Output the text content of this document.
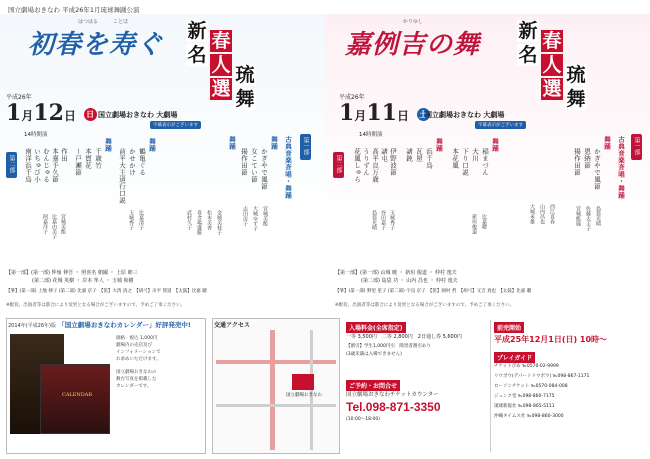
国立劇場おきなわ 平成26年1月琉球舞踊公演
はつはる　　　ことほ
初春を寿ぐ 新 春
名 人 琉
選 舞
平成26年
1月12日 日 国立劇場おきなわ 大劇場
字幕表示がございます
14時開演
第二部
第一部
古典音楽斉唱・舞踊
舞踊
かぎやで風節
女こてい節
揚作田節
宮城美能
大城ゆず子
志田房子
舞踊
金城美枝子
松本美香
喜舎場盛勝
武村久子
舞踊
鶴亀ぐる
かせかけ
前平大主道行口説
舞踊
千歳竹
本貫花
ー戸瀬節
比嘉清子
玉城秀子
作田
本嘉手久節
むんじゅる
いちゅび小
南洋浜千鳥
宮城美能
比嘉由美子
阿嘉洋子
【第一部】(第一部) 仲嶺 伸吾 ・ 照喜名 朝國 ・ 上原 睦三
(第二部) 花城 英樹 ・ 岸本 隼人 ・ 玉城 和樹
【箏】(第一部) 上地 律子 (第二部) 比嘉 京子　【笛】大湾 清之　【胡弓】川平 賀道　【太鼓】比嘉 聰
※配役、出演者等は都合により変更となる場合がございますので、予めご了承ください。
かりゆし
嘉例吉の舞 新 春
名 人 琉
選 舞
平成26年
1月11日 土
国立劇場おきなわ 大劇場
字幕表示がございます
14時開演
第二部
第一部
古典音楽斉唱・舞踊
舞踊
かぎやで風節
恩納節
揚作田節
島袋光晴
佐藤太圭子
宮城能鳳
西江喜春
山内昌也
大城米雄
舞踊
稲まづん
大川
下り口説
本花風
舞踊
浜千鳥
瓦屋
諸鈍
比嘉聰
新垣俊道
伊野波節
諸屯
高平良万歳
うりずん
花風しゅら
玉城秀子
谷田嘉子
島袋光晴
【第一部】(第一部) 山城 暁 ・ 新垣 俊道 ・ 仲村 逸夫
(第二部) 島袋 功 ・ 山内 昌也 ・ 仲村 逸夫
【箏】(第一部) 野里 里子 (第二部) 宇良 京子　【笛】岡村 哲　【胡弓】又吉 真也　【太鼓】比嘉 聰
※配役、出演者等は都合により変更となる場合がございますので、予めご了承ください。
2014年(平成26年)版 「国立劇場おきなわカレンダー」好評発売中!
CALENDAR
価格：税込 1,000円
劇場内の売店及び
インフォメーションで
お求めいただけます。
国立劇場おきなわの
舞台写真を掲載した
カレンダーです。
交通アクセス
国立劇場おきなわ
入場料金(全席指定)
一等 3,500円　二等 2,800円　2日通し券 5,600円
【割引】学生1,000円引　障害者割引あり
(3歳未満は入場できません)
ご予約・お問合せ
国立劇場おきなわチケットカウンター
Tel.098-871-3350
(10:00〜18:00)
前売開始
平成25年12月1日(日) 10時～
プレイガイド
チケットぴあ ℡0570-02-9999
リウボウ(デパートリウボウ) ℡098-867-1171
ローソンチケット ℡0570-084-008
ジュンク堂 ℡098-860-7175
琉球新報社 ℡098-865-5111
沖縄タイムス社 ℡098-860-3000
